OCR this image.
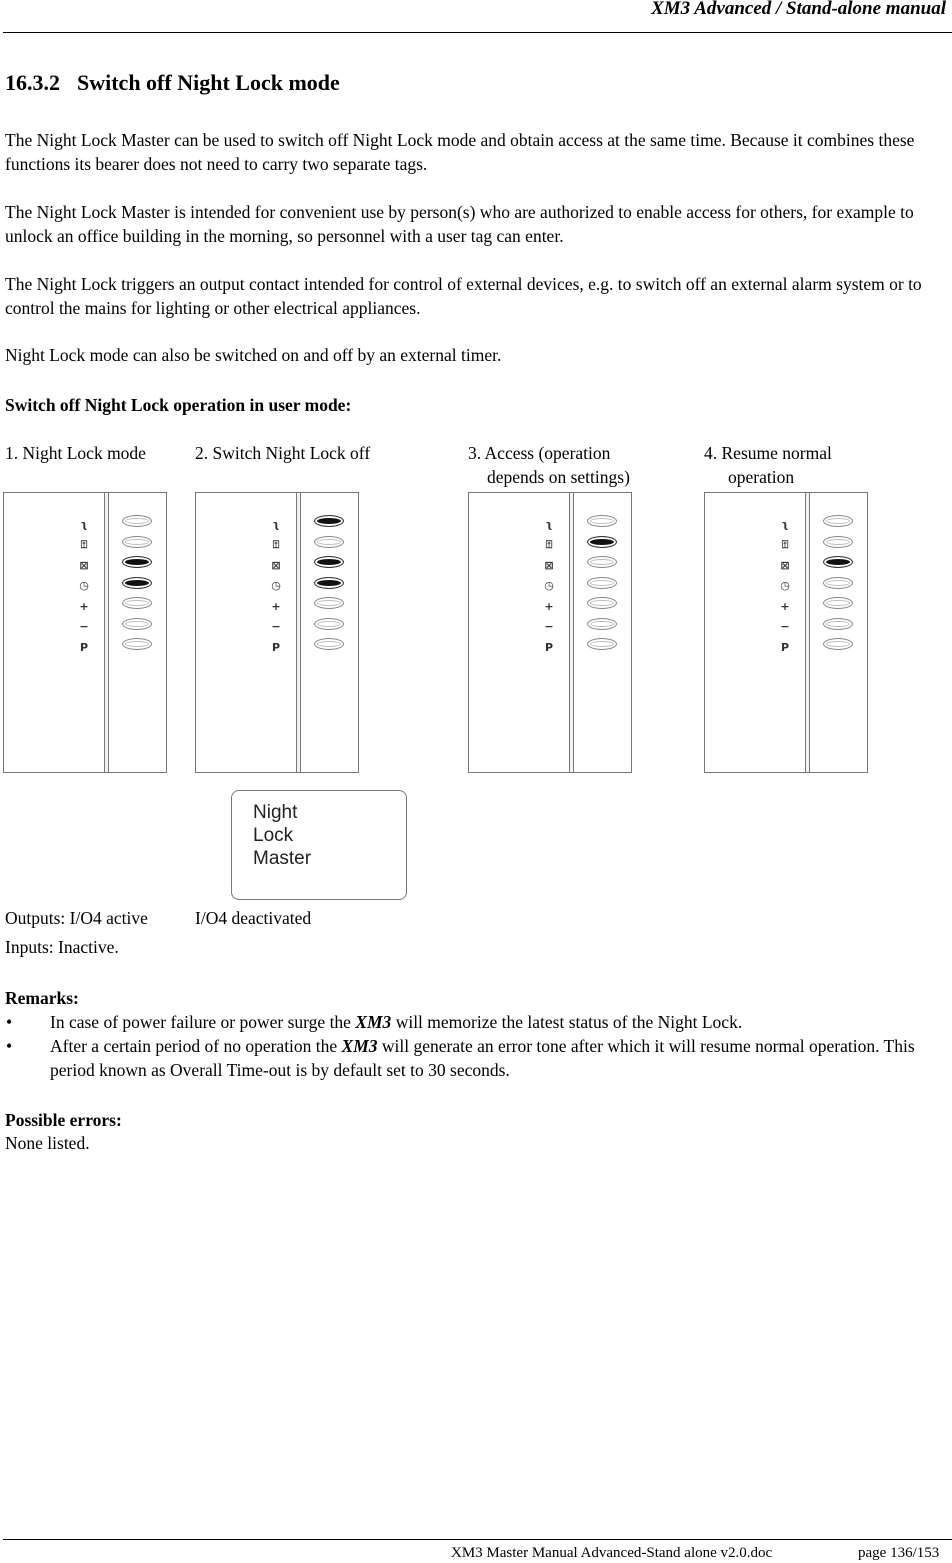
XM3 Advanced / Stand-alone manual
16.3.2 Switch off Night Lock mode
The Night Lock Master can be used to switch off Night Lock mode and obtain access at the same time. Because it combines these functions its bearer does not need to carry two separate tags.
The Night Lock Master is intended for convenient use by person(s) who are authorized to enable access for others, for example to unlock an office building in the morning, so personnel with a user tag can enter.
The Night Lock triggers an output contact intended for control of external devices, e.g. to switch off an external alarm system or to control the mains for lighting or other electrical appliances.
Night Lock mode can also be switched on and off by an external timer.
Switch off Night Lock operation in user mode:
1. Night Lock mode	2. Switch Night Lock off	3. Access (operation
depends on settings)
4. Resume normal
operation
ʅ
⍐
⊠
◷
+
−
P
ʅ
⍐
⊠
◷
+
−
P
ʅ
⍐
⊠
◷
+
−
P
ʅ
⍐
⊠
◷
+
−
P
Night
Lock
Master
Outputs: I/O4 active	I/O4 deactivated
Inputs: Inactive.
Remarks:
• In case of power failure or power surge the XM3 will memorize the latest status of the Night Lock.
• After a certain period of no operation the XM3 will generate an error tone after which it will resume normal operation. This period known as Overall Time-out is by default set to 30 seconds.
Possible errors:
None listed.
XM3 Master Manual Advanced-Stand alone v2.0.doc	page 136/153
